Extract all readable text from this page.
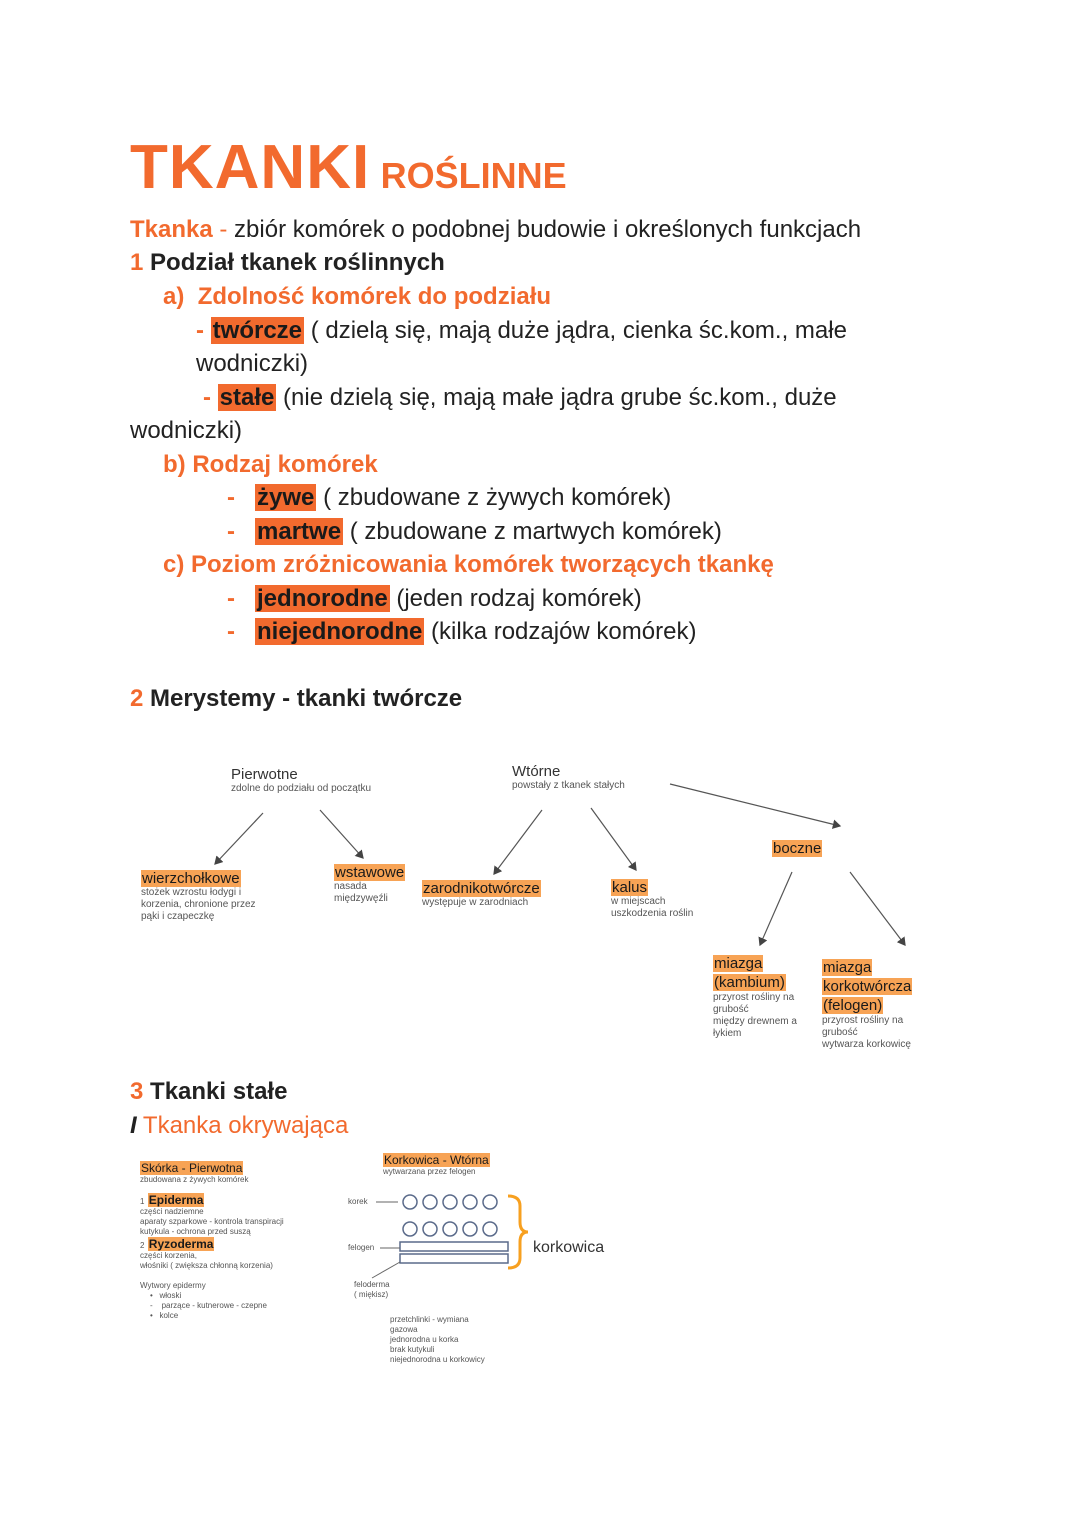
TKANKI ROŚLINNE
Tkanka - zbiór komórek o podobnej budowie i określonych funkcjach
1 Podział tkanek roślinnych
a) Zdolność komórek do podziału
- twórcze ( dzielą się, mają duże jądra, cienka śc.kom., małe
wodniczki)
- stałe (nie dzielą się, mają małe jądra grube śc.kom., duże
wodniczki)
b) Rodzaj komórek
- żywe ( zbudowane z żywych komórek)
- martwe ( zbudowane z martwych komórek)
c) Poziom zróżnicowania komórek tworzących tkankę
- jednorodne (jeden rodzaj komórek)
- niejednorodne (kilka rodzajów komórek)
2 Merystemy - tkanki twórcze
Pierwotne
zdolne do podziału od początku
Wtórne
powstały z tkanek stałych
wierzchołkowe
stożek wzrostu łodygi i
korzenia, chronione przez
pąki i czapeczkę
wstawowe
nasada
międzywęźli
zarodnikotwórcze
występuje w zarodniach
kalus
w miejscach
uszkodzenia roślin
boczne
miazga
(kambium)
przyrost rośliny na
grubość
między drewnem a
łykiem
miazga
korkotwórcza
(felogen)
przyrost rośliny na
grubość
wytwarza korkowicę
3 Tkanki stałe
I Tkanka okrywająca
Skórka - Pierwotna
zbudowana z żywych komórek
1 Epiderma
części nadziemne
aparaty szparkowe - kontrola transpiracji
kutykula - ochrona przed suszą
2 Ryzoderma
części korzenia,
włośniki ( zwiększa chłonną korzenia)
Wytwory epidermy
• włoski
- parzące - kutnerowe - czepne
• kolce
Korkowica - Wtórna
wytwarzana przez felogen
korek
felogen
feloderma
( miękisz)
korkowica
przetchlinki - wymiana
gazowa
jednorodna u korka
brak kutykuli
niejednorodna u korkowicy
